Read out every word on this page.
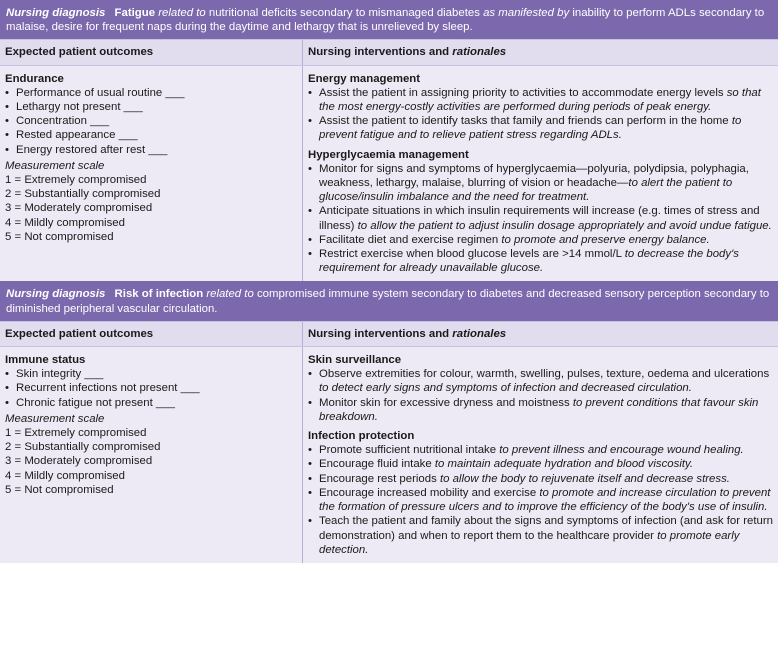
Nursing diagnosis Fatigue related to nutritional deficits secondary to mismanaged diabetes as manifested by inability to perform ADLs secondary to malaise, desire for frequent naps during the daytime and lethargy that is unrelieved by sleep.
Expected patient outcomes	Nursing interventions and rationales
Endurance
• Performance of usual routine ___
• Lethargy not present ___
• Concentration ___
• Rested appearance ___
• Energy restored after rest ___
Measurement scale
1 = Extremely compromised
2 = Substantially compromised
3 = Moderately compromised
4 = Mildly compromised
5 = Not compromised
Energy management
• Assist the patient in assigning priority to activities to accommodate energy levels so that the most energy-costly activities are performed during periods of peak energy.
• Assist the patient to identify tasks that family and friends can perform in the home to prevent fatigue and to relieve patient stress regarding ADLs.
Hyperglycaemia management
• Monitor for signs and symptoms of hyperglycaemia—polyuria, polydipsia, polyphagia, weakness, lethargy, malaise, blurring of vision or headache—to alert the patient to glucose/insulin imbalance and the need for treatment.
• Anticipate situations in which insulin requirements will increase (e.g. times of stress and illness) to allow the patient to adjust insulin dosage appropriately and avoid undue fatigue.
• Facilitate diet and exercise regimen to promote and preserve energy balance.
• Restrict exercise when blood glucose levels are >14 mmol/L to decrease the body's requirement for already unavailable glucose.
Nursing diagnosis Risk of infection related to compromised immune system secondary to diabetes and decreased sensory perception secondary to diminished peripheral vascular circulation.
Expected patient outcomes	Nursing interventions and rationales
Immune status
• Skin integrity ___
• Recurrent infections not present ___
• Chronic fatigue not present ___
Measurement scale
1 = Extremely compromised
2 = Substantially compromised
3 = Moderately compromised
4 = Mildly compromised
5 = Not compromised
Skin surveillance
• Observe extremities for colour, warmth, swelling, pulses, texture, oedema and ulcerations to detect early signs and symptoms of infection and decreased circulation.
• Monitor skin for excessive dryness and moistness to prevent conditions that favour skin breakdown.
Infection protection
• Promote sufficient nutritional intake to prevent illness and encourage wound healing.
• Encourage fluid intake to maintain adequate hydration and blood viscosity.
• Encourage rest periods to allow the body to rejuvenate itself and decrease stress.
• Encourage increased mobility and exercise to promote and increase circulation to prevent the formation of pressure ulcers and to improve the efficiency of the body's use of insulin.
• Teach the patient and family about the signs and symptoms of infection (and ask for return demonstration) and when to report them to the healthcare provider to promote early detection.
